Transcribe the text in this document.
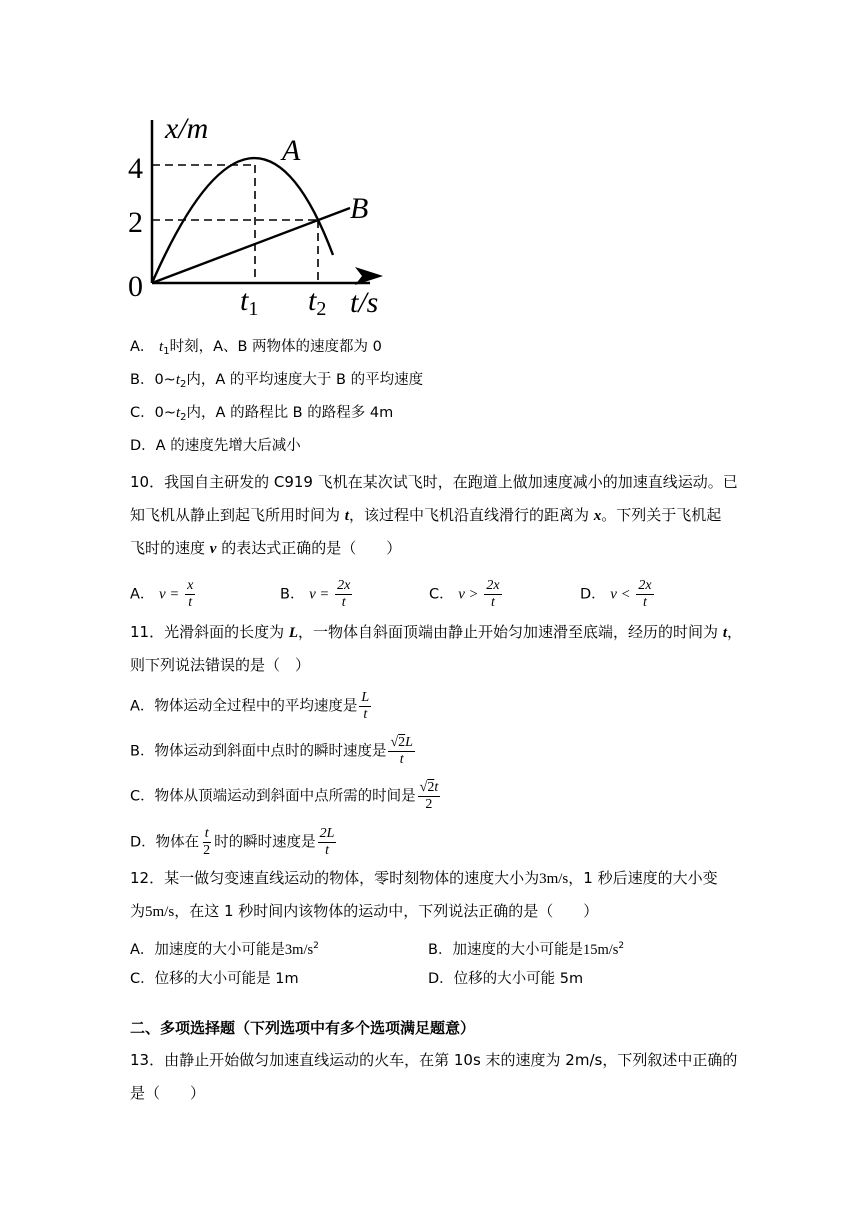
x/m
t/s
0
4
2
A
B
t1 t2
A． $t_1$时刻，A、B 两物体的速度都为 0
B．$0\sim t_2$内，A 的平均速度大于 B 的平均速度
C．$0\sim t_2$内，A 的路程比 B 的路程多 4m
D．A 的速度先增大后减小
10．我国自主研发的 C919 飞机在某次试飞时，在跑道上做加速度减小的加速直线运动。已
知飞机从静止到起飞所用时间为 t，该过程中飞机沿直线滑行的距离为 x。下列关于飞机起
飞时的速度 v 的表达式正确的是（　　）
A． $v = \frac{x}{t}$	B． $v = \frac{2x}{t}$	C． $v > \frac{2x}{t}$	D． $v < \frac{2x}{t}$
11．光滑斜面的长度为 L，一物体自斜面顶端由静止开始匀加速滑至底端，经历的时间为 t，
则下列说法错误的是（　）
A．物体运动全过程中的平均速度是 $\frac{L}{t}$
B．物体运动到斜面中点时的瞬时速度是 $\frac{√2L}{t}$
C．物体从顶端运动到斜面中点所需的时间是 $\frac{√2t}{2}$
D．物体在 $\frac{t}{2}$ 时的瞬时速度是 $\frac{2L}{t}$
12．某一做匀变速直线运动的物体，零时刻物体的速度大小为3m/s，1 秒后速度的大小变
为5m/s，在这 1 秒时间内该物体的运动中，下列说法正确的是（　　）
A．加速度的大小可能是$3m/s^2$	B．加速度的大小可能是$15m/s^2$
C．位移的大小可能是 1m	D．位移的大小可能 5m
二、多项选择题（下列选项中有多个选项满足题意）
13．由静止开始做匀加速直线运动的火车，在第 10s 末的速度为 2m/s，下列叙述中正确的
是（　　）
